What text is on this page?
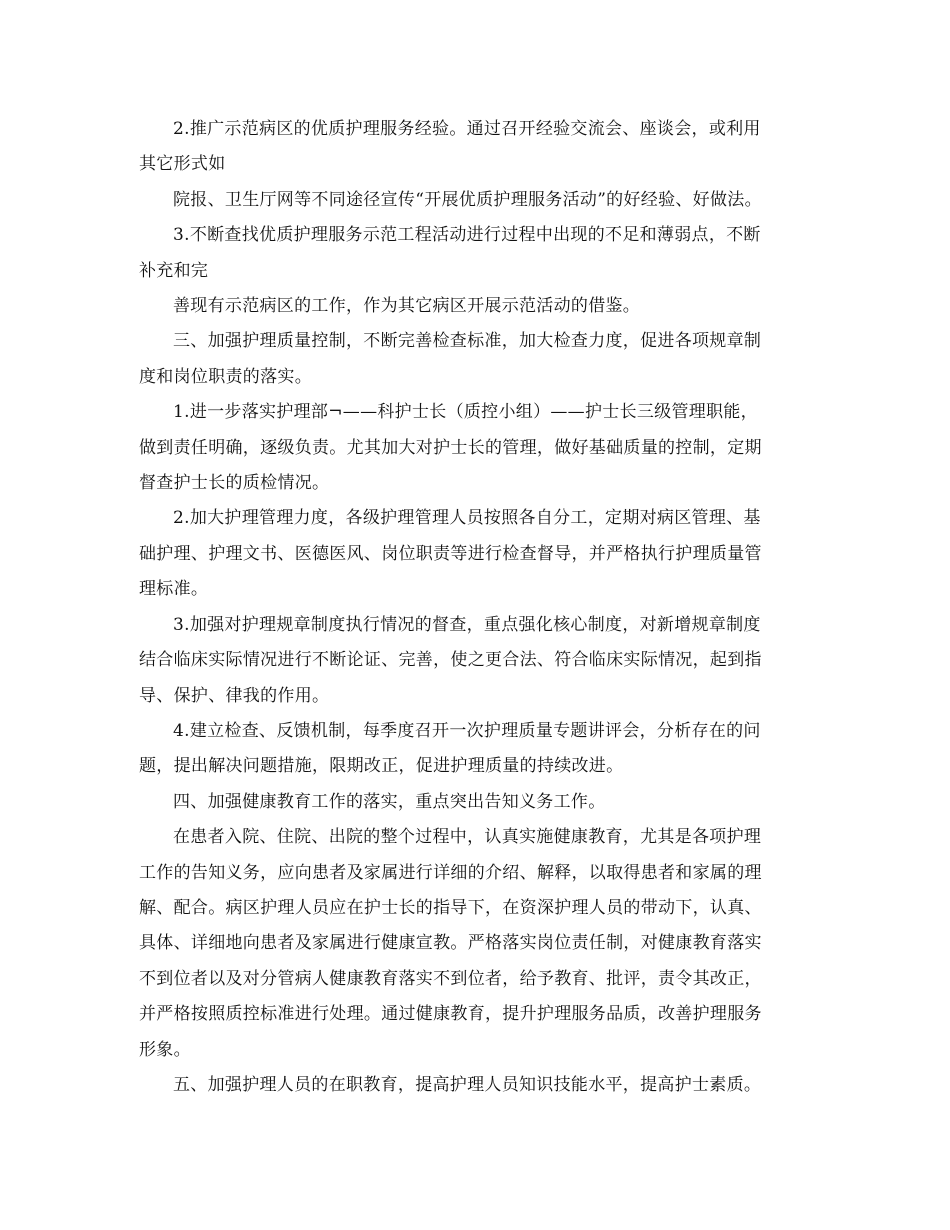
2.推广示范病区的优质护理服务经验。通过召开经验交流会、座谈会，或利用
其它形式如

院报、卫生厅网等不同途径宣传“开展优质护理服务活动”的好经验、好做法。

3.不断查找优质护理服务示范工程活动进行过程中出现的不足和薄弱点，不断
补充和完

善现有示范病区的工作，作为其它病区开展示范活动的借鉴。

三、加强护理质量控制，不断完善检查标准，加大检查力度，促进各项规章制
度和岗位职责的落实。

1.进一步落实护理部¬——科护士长（质控小组）——护士长三级管理职能，
做到责任明确，逐级负责。尤其加大对护士长的管理，做好基础质量的控制，定期
督查护士长的质检情况。

2.加大护理管理力度，各级护理管理人员按照各自分工，定期对病区管理、基
础护理、护理文书、医德医风、岗位职责等进行检查督导，并严格执行护理质量管
理标准。

3.加强对护理规章制度执行情况的督查，重点强化核心制度，对新增规章制度
结合临床实际情况进行不断论证、完善，使之更合法、符合临床实际情况，起到指
导、保护、律我的作用。

4.建立检查、反馈机制，每季度召开一次护理质量专题讲评会，分析存在的问
题，提出解决问题措施，限期改正，促进护理质量的持续改进。

四、加强健康教育工作的落实，重点突出告知义务工作。

在患者入院、住院、出院的整个过程中，认真实施健康教育，尤其是各项护理
工作的告知义务，应向患者及家属进行详细的介绍、解释，以取得患者和家属的理
解、配合。病区护理人员应在护士长的指导下，在资深护理人员的带动下，认真、
具体、详细地向患者及家属进行健康宣教。严格落实岗位责任制，对健康教育落实
不到位者以及对分管病人健康教育落实不到位者，给予教育、批评，责令其改正，
并严格按照质控标准进行处理。通过健康教育，提升护理服务品质，改善护理服务
形象。

五、加强护理人员的在职教育，提高护理人员知识技能水平，提高护士素质。
